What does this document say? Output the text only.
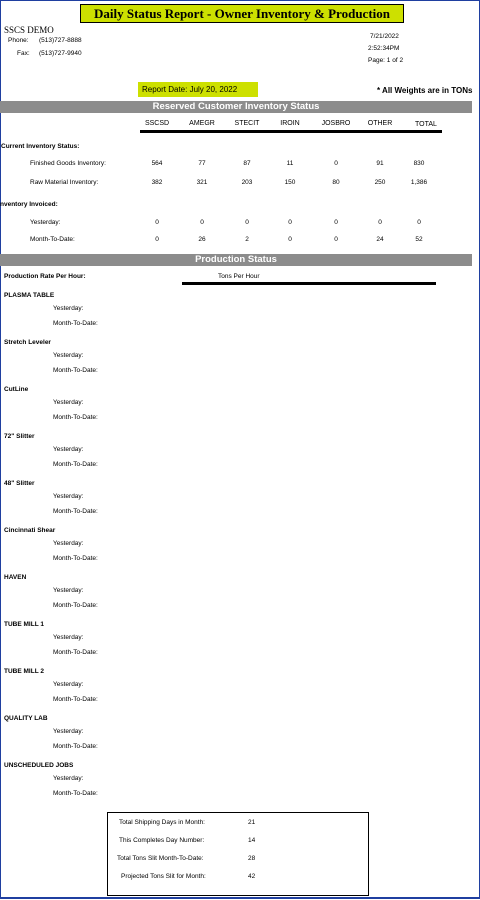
Daily Status Report - Owner Inventory & Production
SSCS DEMO
Phone: (513)727-8888
Fax: (513)727-9940
7/21/2022
2:52:34PM
Page: 1 of 2
Report Date: July 20, 2022	* All Weights are in TONs
Reserved Customer Inventory Status
SSCSD	AMEGR	STECIT	IROIN	JOSBRO	OTHER	TOTAL
Current Inventory Status:
Finished Goods Inventory:	564	77	87	11	0	91	830
Raw Material Inventory:	382	321	203	150	80	250	1,386
nventory Invoiced:
Yesterday:	0	0	0	0	0	0	0
Month-To-Date:	0	26	2	0	0	24	52
Production Status
Production Rate Per Hour:	Tons Per Hour
PLASMA TABLE
Yesterday:
Month-To-Date:
Stretch Leveler
Yesterday:
Month-To-Date:
CutLine
Yesterday:
Month-To-Date:
72" Slitter
Yesterday:
Month-To-Date:
48" Slitter
Yesterday:
Month-To-Date:
Cincinnati Shear
Yesterday:
Month-To-Date:
HAVEN
Yesterday:
Month-To-Date:
TUBE MILL 1
Yesterday:
Month-To-Date:
TUBE MILL 2
Yesterday:
Month-To-Date:
QUALITY LAB
Yesterday:
Month-To-Date:
UNSCHEDULED JOBS
Yesterday:
Month-To-Date:
Total Shipping Days in Month:	21
This Completes Day Number:	14
Total Tons Slit Month-To-Date:	28
Projected Tons Slit for Month:	42
